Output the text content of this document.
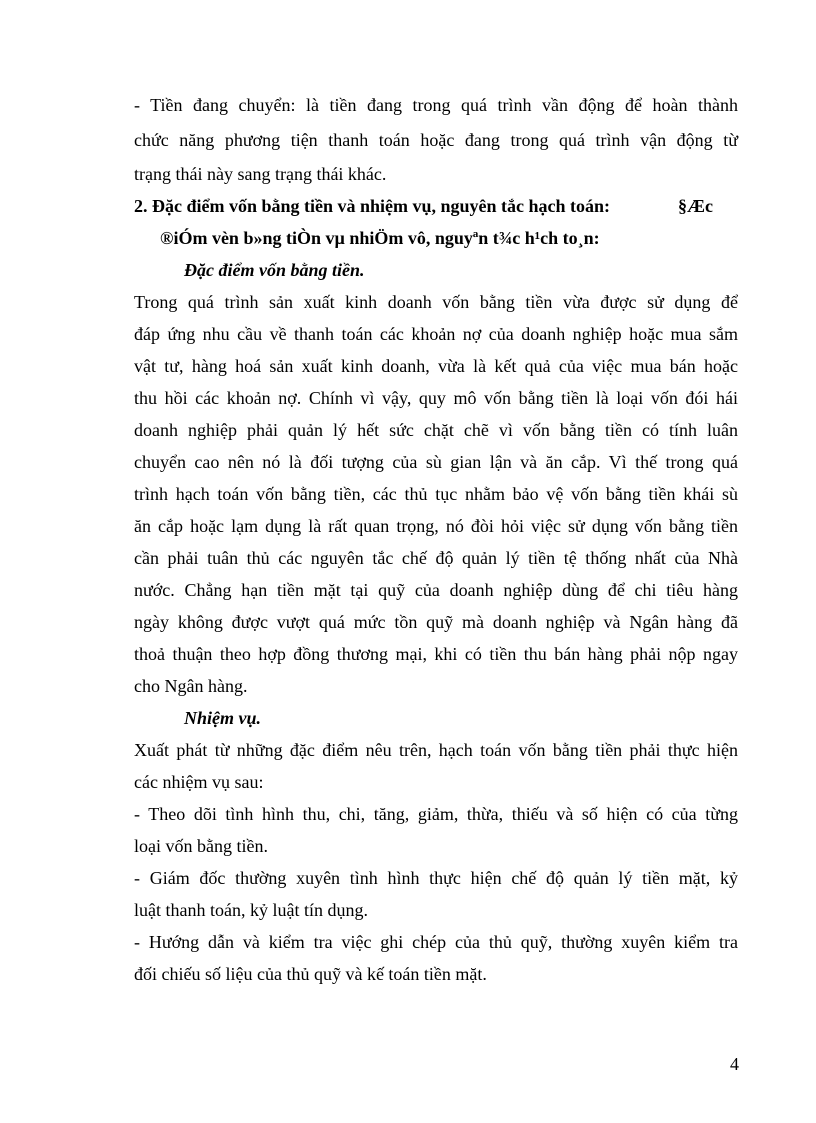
- Tiền đang chuyển: là tiền đang trong quá trình vần động để hoàn thành
chức năng phương tiện thanh toán hoặc đang trong quá trình vận động từ
trạng thái này sang trạng thái khác.
2. Đặc điểm vốn bằng tiền và nhiệm vụ, nguyên tắc hạch toán:	§Æc
®iÓm vèn b»ng tiÒn vµ nhiÖm vô, nguyªn t¾c h¹ch to¸n:
Đặc điểm vốn bằng tiền.
Trong quá trình sản xuất kinh doanh vốn bằng tiền vừa được sử dụng để
đáp ứng nhu cầu về thanh toán các khoản nợ của doanh nghiệp hoặc mua sắm
vật tư, hàng hoá sản xuất kinh doanh, vừa là kết quả của việc mua bán hoặc
thu hồi các khoản nợ. Chính vì vậy, quy mô vốn bằng tiền là loại vốn đói hái
doanh nghiệp phải quản lý hết sức chặt chẽ vì vốn bằng tiền có tính luân
chuyển cao nên nó là đối tượng của sù gian lận và ăn cắp. Vì thế trong quá
trình hạch toán vốn bằng tiền, các thủ tục nhằm bảo vệ vốn bằng tiền khái sù
ăn cắp hoặc lạm dụng là rất quan trọng, nó đòi hỏi việc sử dụng vốn bằng tiền
cần phải tuân thủ các nguyên tắc chế độ quản lý tiền tệ thống nhất của Nhà
nước. Chẳng hạn tiền mặt tại quỹ của doanh nghiệp dùng để chi tiêu hàng
ngày không được vượt quá mức tồn quỹ mà doanh nghiệp và Ngân hàng đã
thoả thuận theo hợp đồng thương mại, khi có tiền thu bán hàng phải nộp ngay
cho Ngân hàng.
Nhiệm vụ.
Xuất phát từ những đặc điểm nêu trên, hạch toán vốn bằng tiền phải thực hiện
các nhiệm vụ sau:
- Theo dõi tình hình thu, chi, tăng, giảm, thừa, thiếu và số hiện có của từng
loại vốn bằng tiền.
- Giám đốc thường xuyên tình hình thực hiện chế độ quản lý tiền mặt, kỷ
luật thanh toán, kỷ luật tín dụng.
- Hướng dẫn và kiểm tra việc ghi chép của thủ quỹ, thường xuyên kiểm tra
đối chiếu số liệu của thủ quỹ và kế toán tiền mặt.
4
